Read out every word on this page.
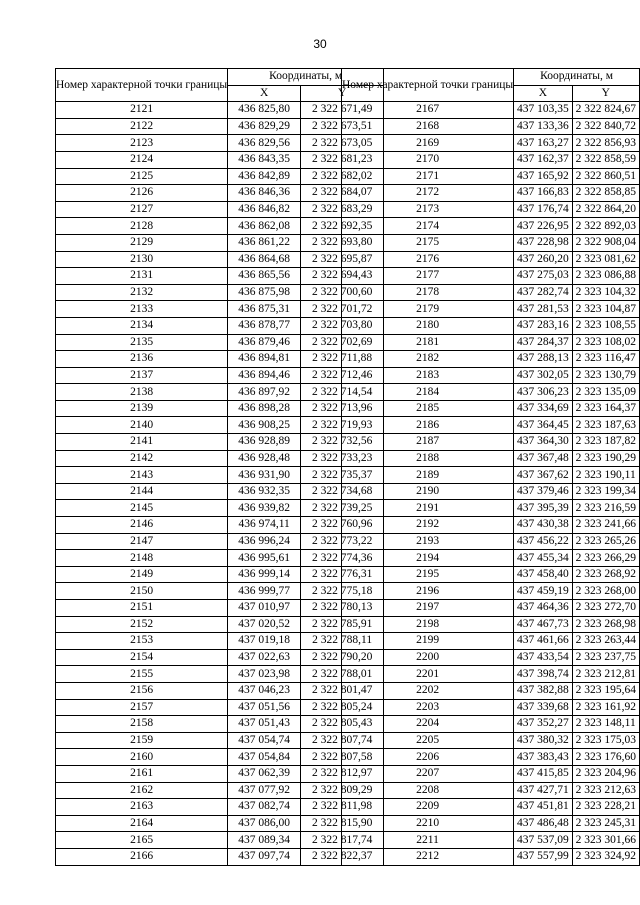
30
Номер характерной точки границы	Координаты, м	
	X	Y
2121	436 825,80	2 322 671,49
2122	436 829,29	2 322 673,51
2123	436 829,56	2 322 673,05
2124	436 843,35	2 322 681,23
2125	436 842,89	2 322 682,02
2126	436 846,36	2 322 684,07
2127	436 846,82	2 322 683,29
2128	436 862,08	2 322 692,35
2129	436 861,22	2 322 693,80
2130	436 864,68	2 322 695,87
2131	436 865,56	2 322 694,43
2132	436 875,98	2 322 700,60
2133	436 875,31	2 322 701,72
2134	436 878,77	2 322 703,80
2135	436 879,46	2 322 702,69
2136	436 894,81	2 322 711,88
2137	436 894,46	2 322 712,46
2138	436 897,92	2 322 714,54
2139	436 898,28	2 322 713,96
2140	436 908,25	2 322 719,93
2141	436 928,89	2 322 732,56
2142	436 928,48	2 322 733,23
2143	436 931,90	2 322 735,37
2144	436 932,35	2 322 734,68
2145	436 939,82	2 322 739,25
2146	436 974,11	2 322 760,96
2147	436 996,24	2 322 773,22
2148	436 995,61	2 322 774,36
2149	436 999,14	2 322 776,31
2150	436 999,77	2 322 775,18
2151	437 010,97	2 322 780,13
2152	437 020,52	2 322 785,91
2153	437 019,18	2 322 788,11
2154	437 022,63	2 322 790,20
2155	437 023,98	2 322 788,01
2156	437 046,23	2 322 801,47
2157	437 051,56	2 322 805,24
2158	437 051,43	2 322 805,43
2159	437 054,74	2 322 807,74
2160	437 054,84	2 322 807,58
2161	437 062,39	2 322 812,97
2162	437 077,92	2 322 809,29
2163	437 082,74	2 322 811,98
2164	437 086,00	2 322 815,90
2165	437 089,34	2 322 817,74
2166	437 097,74	2 322 822,37
Номер характерной точки границы	Координаты, м	
	X	Y
2167	437 103,35	2 322 824,67
2168	437 133,36	2 322 840,72
2169	437 163,27	2 322 856,93
2170	437 162,37	2 322 858,59
2171	437 165,92	2 322 860,51
2172	437 166,83	2 322 858,85
2173	437 176,74	2 322 864,20
2174	437 226,95	2 322 892,03
2175	437 228,98	2 322 908,04
2176	437 260,20	2 323 081,62
2177	437 275,03	2 323 086,88
2178	437 282,74	2 323 104,32
2179	437 281,53	2 323 104,87
2180	437 283,16	2 323 108,55
2181	437 284,37	2 323 108,02
2182	437 288,13	2 323 116,47
2183	437 302,05	2 323 130,79
2184	437 306,23	2 323 135,09
2185	437 334,69	2 323 164,37
2186	437 364,45	2 323 187,63
2187	437 364,30	2 323 187,82
2188	437 367,48	2 323 190,29
2189	437 367,62	2 323 190,11
2190	437 379,46	2 323 199,34
2191	437 395,39	2 323 216,59
2192	437 430,38	2 323 241,66
2193	437 456,22	2 323 265,26
2194	437 455,34	2 323 266,29
2195	437 458,40	2 323 268,92
2196	437 459,19	2 323 268,00
2197	437 464,36	2 323 272,70
2198	437 467,73	2 323 268,98
2199	437 461,66	2 323 263,44
2200	437 433,54	2 323 237,75
2201	437 398,74	2 323 212,81
2202	437 382,88	2 323 195,64
2203	437 339,68	2 323 161,92
2204	437 352,27	2 323 148,11
2205	437 380,32	2 323 175,03
2206	437 383,43	2 323 176,60
2207	437 415,85	2 323 204,96
2208	437 427,71	2 323 212,63
2209	437 451,81	2 323 228,21
2210	437 486,48	2 323 245,31
2211	437 537,09	2 323 301,66
2212	437 557,99	2 323 324,92
